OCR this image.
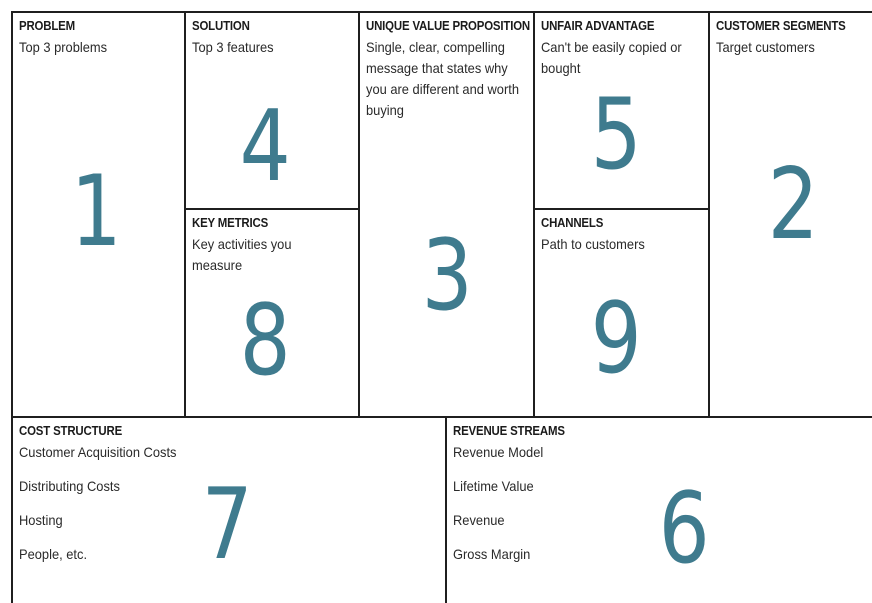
PROBLEM
Top 3 problems
1
SOLUTION
Top 3 features
4
KEY METRICS
Key activities you measure
8
UNIQUE VALUE PROPOSITION
Single, clear, compelling message that states why you are different and worth buying
3
UNFAIR ADVANTAGE
Can't be easily copied or bought
5
CHANNELS
Path to customers
9
CUSTOMER SEGMENTS
Target customers
2
COST STRUCTURE
Customer Acquisition Costs
Distributing Costs
Hosting
People, etc.	7
REVENUE STREAMS
Revenue Model
Lifetime Value
Revenue
Gross Margin 6
